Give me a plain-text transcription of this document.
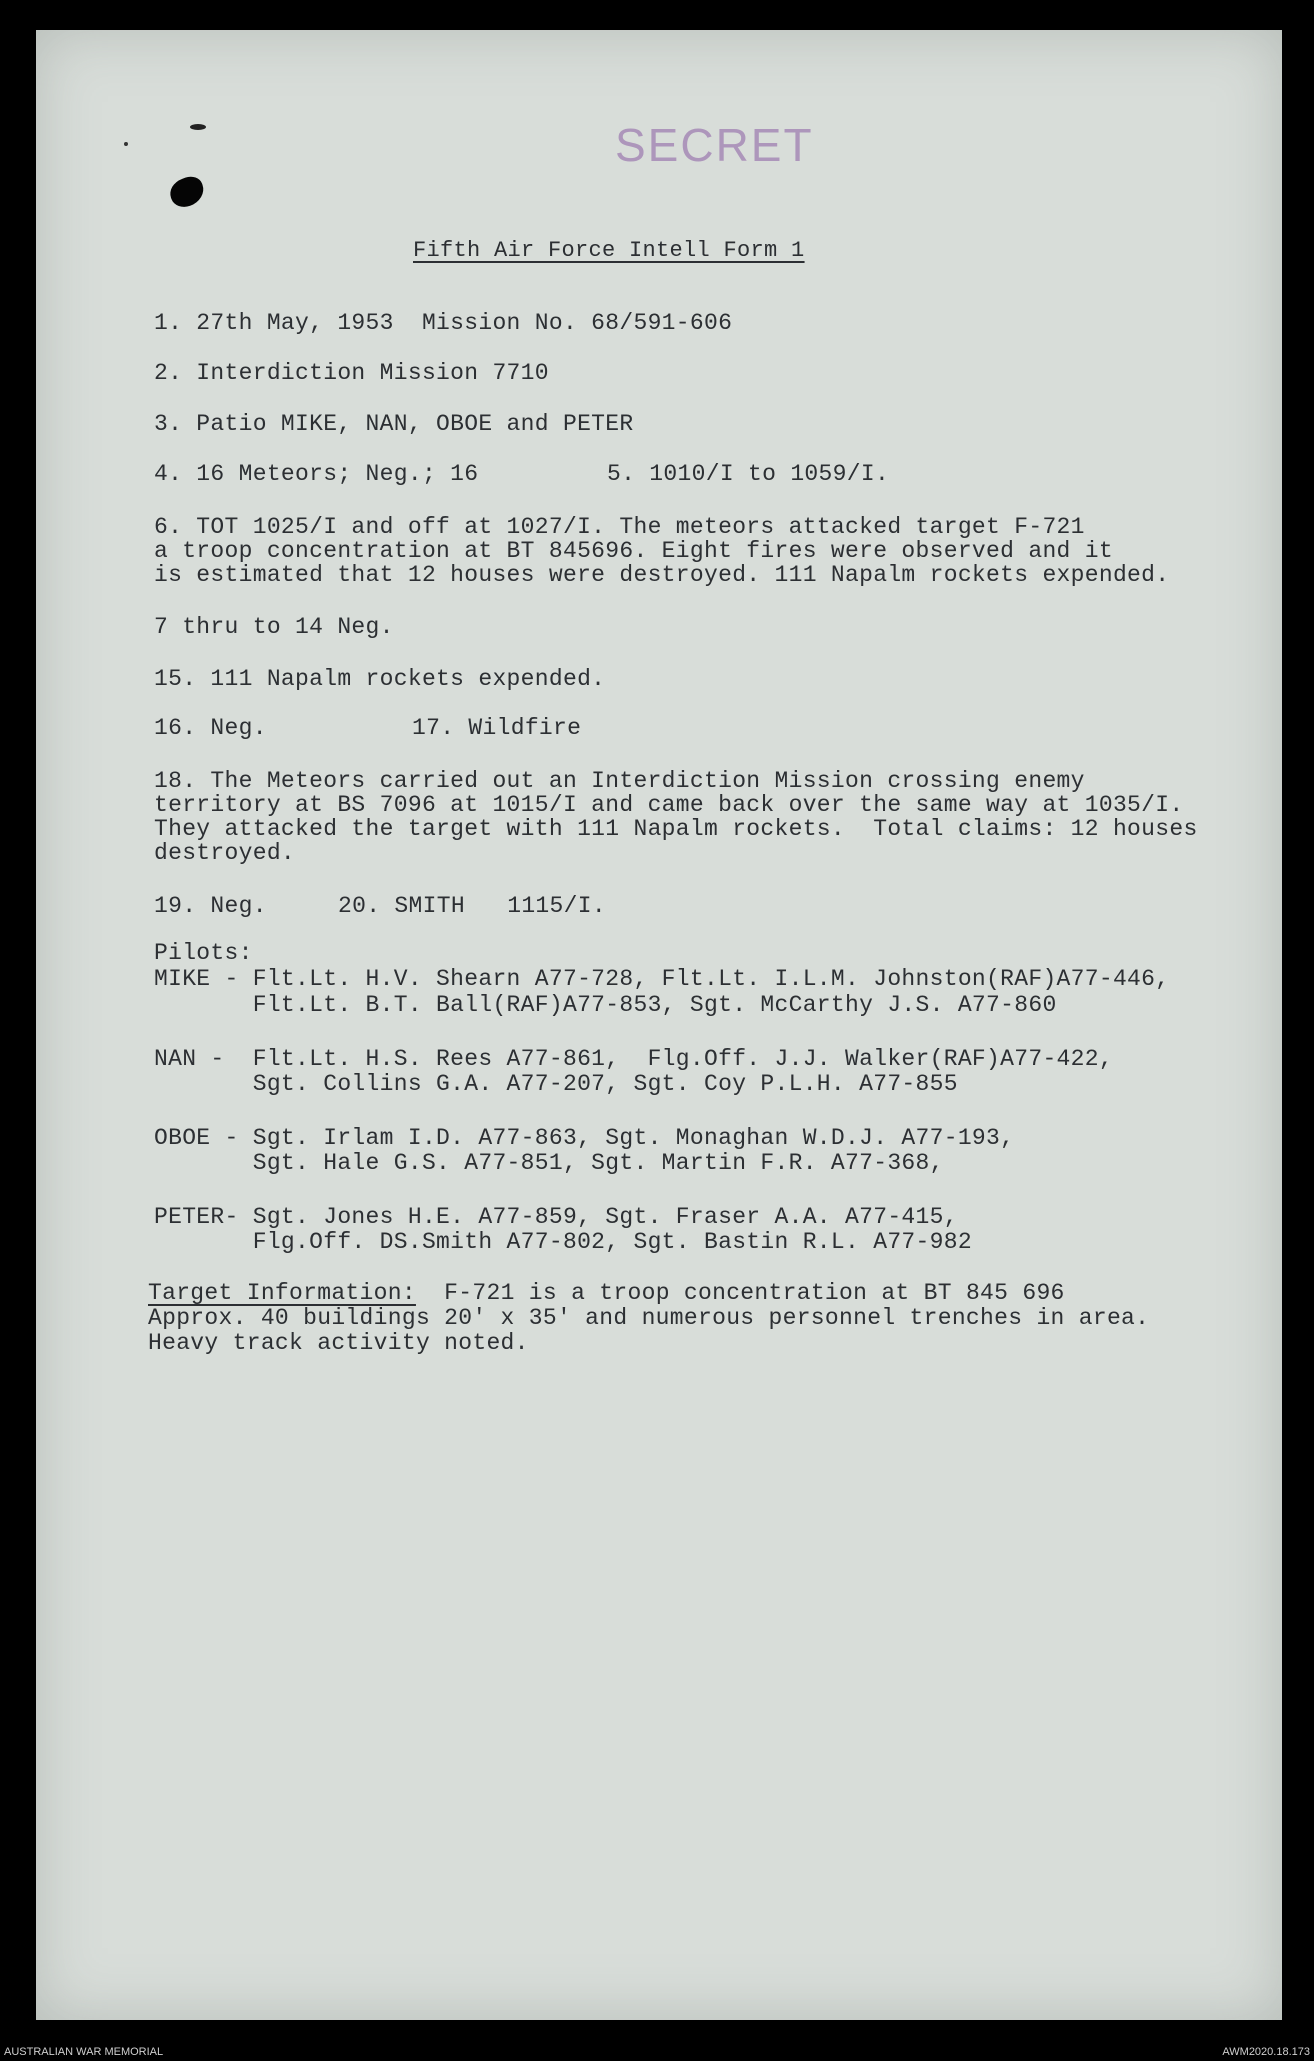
SECRET
Fifth Air Force Intell Form 1
1. 27th May, 1953  Mission No. 68/591-606
2. Interdiction Mission 7710
3. Patio MIKE, NAN, OBOE and PETER
4. 16 Meteors; Neg.; 16	5. 1010/I to 1059/I.
6. TOT 1025/I and off at 1027/I. The meteors attacked target F-721
a troop concentration at BT 845696. Eight fires were observed and it
is estimated that 12 houses were destroyed. 111 Napalm rockets expended.
7 thru to 14 Neg.
15. 111 Napalm rockets expended.
16. Neg.	17. Wildfire
18. The Meteors carried out an Interdiction Mission crossing enemy
territory at BS 7096 at 1015/I and came back over the same way at 1035/I.
They attacked the target with 111 Napalm rockets.  Total claims: 12 houses
destroyed.
19. Neg.	20. SMITH   1115/I.
Pilots:
MIKE - Flt.Lt. H.V. Shearn A77-728, Flt.Lt. I.L.M. Johnston(RAF)A77-446,
Flt.Lt. B.T. Ball(RAF)A77-853, Sgt. McCarthy J.S. A77-860
NAN -  Flt.Lt. H.S. Rees A77-861,  Flg.Off. J.J. Walker(RAF)A77-422,
Sgt. Collins G.A. A77-207, Sgt. Coy P.L.H. A77-855
OBOE - Sgt. Irlam I.D. A77-863, Sgt. Monaghan W.D.J. A77-193,
Sgt. Hale G.S. A77-851, Sgt. Martin F.R. A77-368,
PETER- Sgt. Jones H.E. A77-859, Sgt. Fraser A.A. A77-415,
Flg.Off. DS.Smith A77-802, Sgt. Bastin R.L. A77-982
Target Information:  F-721 is a troop concentration at BT 845 696
Approx. 40 buildings 20' x 35' and numerous personnel trenches in area.
Heavy track activity noted.
AUSTRALIAN WAR MEMORIAL	AWM2020.18.173
